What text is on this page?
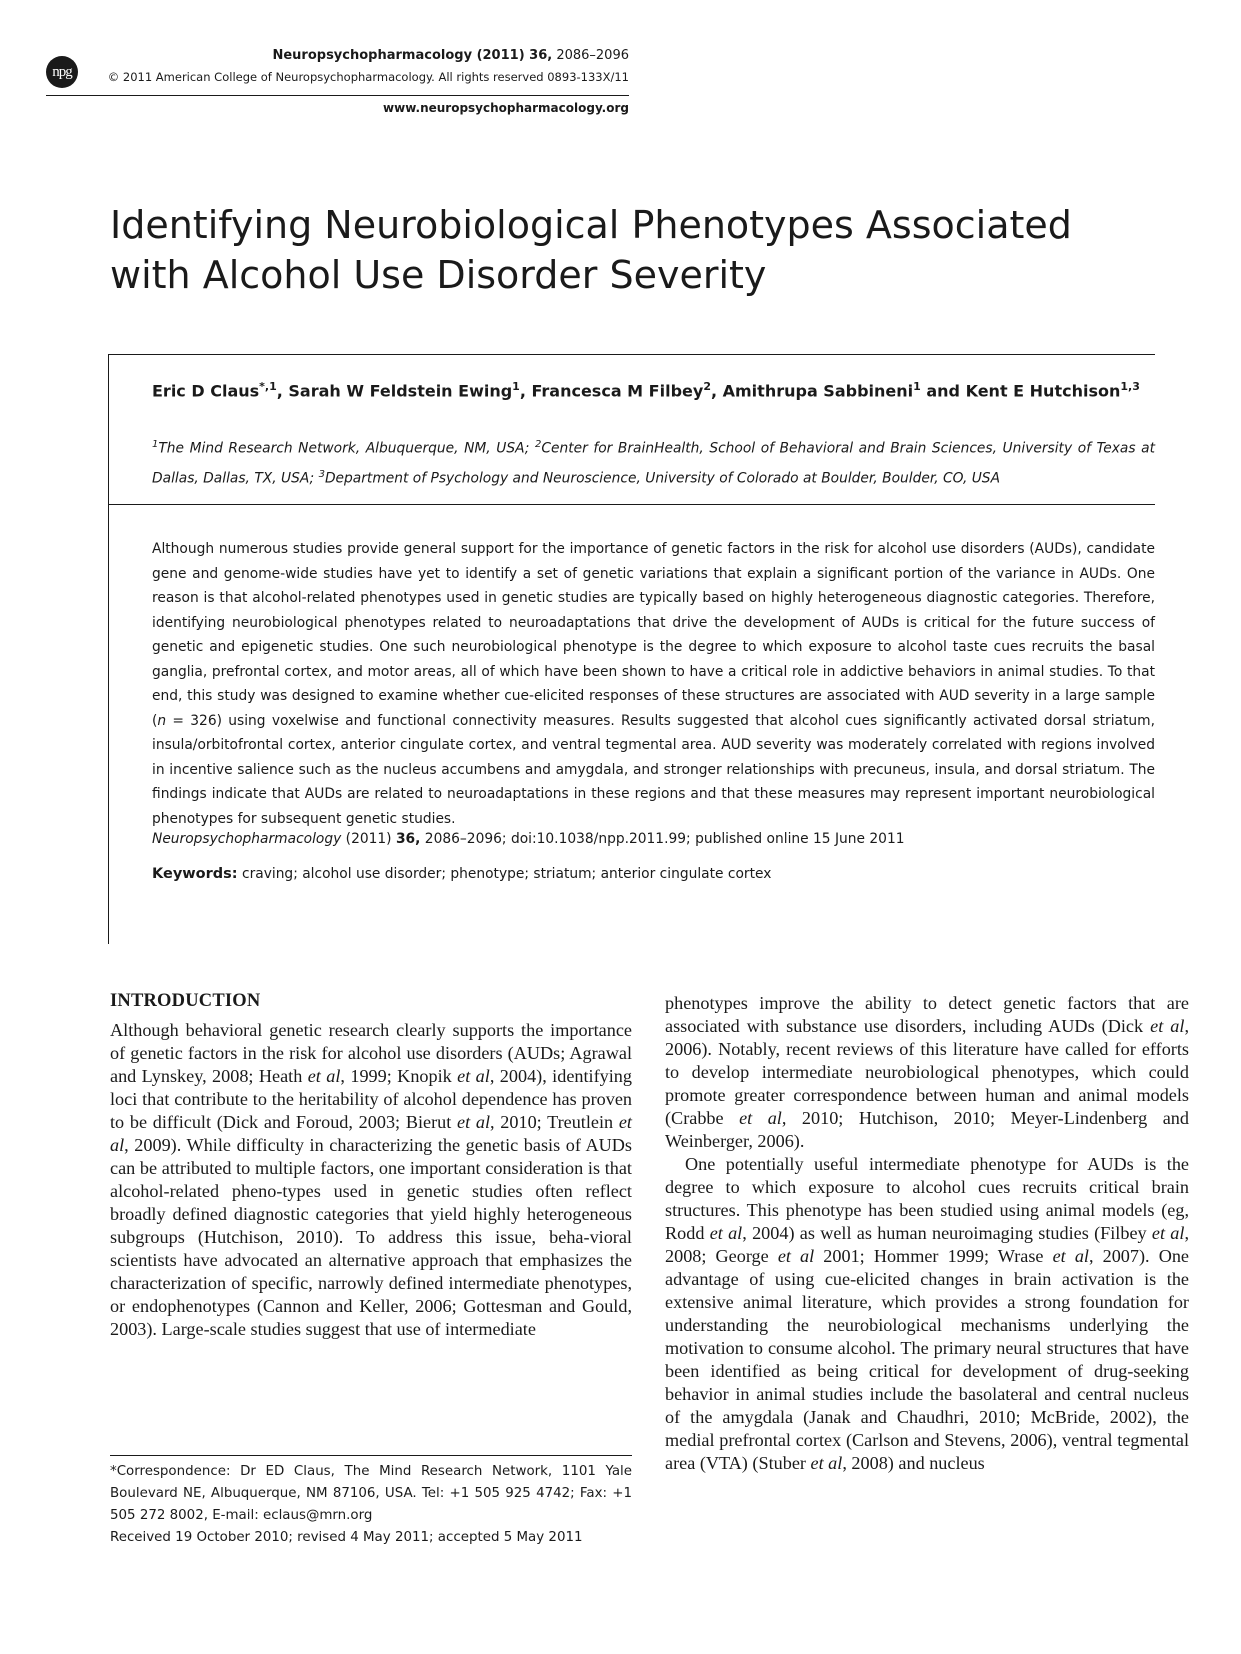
npg
Neuropsychopharmacology (2011) 36, 2086–2096
© 2011 American College of Neuropsychopharmacology. All rights reserved 0893-133X/11
www.neuropsychopharmacology.org
Identifying Neurobiological Phenotypes Associated with Alcohol Use Disorder Severity
Eric D Claus$^{*,1}$, Sarah W Feldstein Ewing$^1$, Francesca M Filbey$^2$, Amithrupa Sabbineni$^1$ and Kent E Hutchison$^{1,3}$
$^1$The Mind Research Network, Albuquerque, NM, USA; $^2$Center for BrainHealth, School of Behavioral and Brain Sciences, University of Texas at Dallas, Dallas, TX, USA; $^3$Department of Psychology and Neuroscience, University of Colorado at Boulder, Boulder, CO, USA

Although numerous studies provide general support for the importance of genetic factors in the risk for alcohol use disorders (AUDs), candidate gene and genome-wide studies have yet to identify a set of genetic variations that explain a significant portion of the variance in AUDs. One reason is that alcohol-related phenotypes used in genetic studies are typically based on highly heterogeneous diagnostic categories. Therefore, identifying neurobiological phenotypes related to neuroadaptations that drive the development of AUDs is critical for the future success of genetic and epigenetic studies. One such neurobiological phenotype is the degree to which exposure to alcohol taste cues recruits the basal ganglia, prefrontal cortex, and motor areas, all of which have been shown to have a critical role in addictive behaviors in animal studies. To that end, this study was designed to examine whether cue-elicited responses of these structures are associated with AUD severity in a large sample (n = 326) using voxelwise and functional connectivity measures. Results suggested that alcohol cues significantly activated dorsal striatum, insula/orbitofrontal cortex, anterior cingulate cortex, and ventral tegmental area. AUD severity was moderately correlated with regions involved in incentive salience such as the nucleus accumbens and amygdala, and stronger relationships with precuneus, insula, and dorsal striatum. The findings indicate that AUDs are related to neuroadaptations in these regions and that these measures may represent important neurobiological phenotypes for subsequent genetic studies.

Neuropsychopharmacology (2011) 36, 2086–2096; doi:10.1038/npp.2011.99; published online 15 June 2011
Keywords: craving; alcohol use disorder; phenotype; striatum; anterior cingulate cortex
INTRODUCTION

Although behavioral genetic research clearly supports the importance of genetic factors in the risk for alcohol use disorders (AUDs; Agrawal and Lynskey, 2008; Heath et al, 1999; Knopik et al, 2004), identifying loci that contribute to the heritability of alcohol dependence has proven to be difficult (Dick and Foroud, 2003; Bierut et al, 2010; Treutlein et al, 2009). While difficulty in characterizing the genetic basis of AUDs can be attributed to multiple factors, one important consideration is that alcohol-related pheno-types used in genetic studies often reflect broadly defined diagnostic categories that yield highly heterogeneous subgroups (Hutchison, 2010). To address this issue, beha-vioral scientists have advocated an alternative approach that emphasizes the characterization of specific, narrowly defined intermediate phenotypes, or endophenotypes (Cannon and Keller, 2006; Gottesman and Gould, 2003). Large-scale studies suggest that use of intermediate

phenotypes improve the ability to detect genetic factors that are associated with substance use disorders, including AUDs (Dick et al, 2006). Notably, recent reviews of this literature have called for efforts to develop intermediate neurobiological phenotypes, which could promote greater correspondence between human and animal models (Crabbe et al, 2010; Hutchison, 2010; Meyer-Lindenberg and Weinberger, 2006).

One potentially useful intermediate phenotype for AUDs is the degree to which exposure to alcohol cues recruits critical brain structures. This phenotype has been studied using animal models (eg, Rodd et al, 2004) as well as human neuroimaging studies (Filbey et al, 2008; George et al 2001; Hommer 1999; Wrase et al, 2007). One advantage of using cue-elicited changes in brain activation is the extensive animal literature, which provides a strong foundation for understanding the neurobiological mechanisms underlying the motivation to consume alcohol. The primary neural structures that have been identified as being critical for development of drug-seeking behavior in animal studies include the basolateral and central nucleus of the amygdala (Janak and Chaudhri, 2010; McBride, 2002), the medial prefrontal cortex (Carlson and Stevens, 2006), ventral tegmental area (VTA) (Stuber et al, 2008) and nucleus

*Correspondence: Dr ED Claus, The Mind Research Network, 1101 Yale Boulevard NE, Albuquerque, NM 87106, USA. Tel: +1 505 925 4742; Fax: +1 505 272 8002, E-mail: eclaus@mrn.org

Received 19 October 2010; revised 4 May 2011; accepted 5 May 2011
